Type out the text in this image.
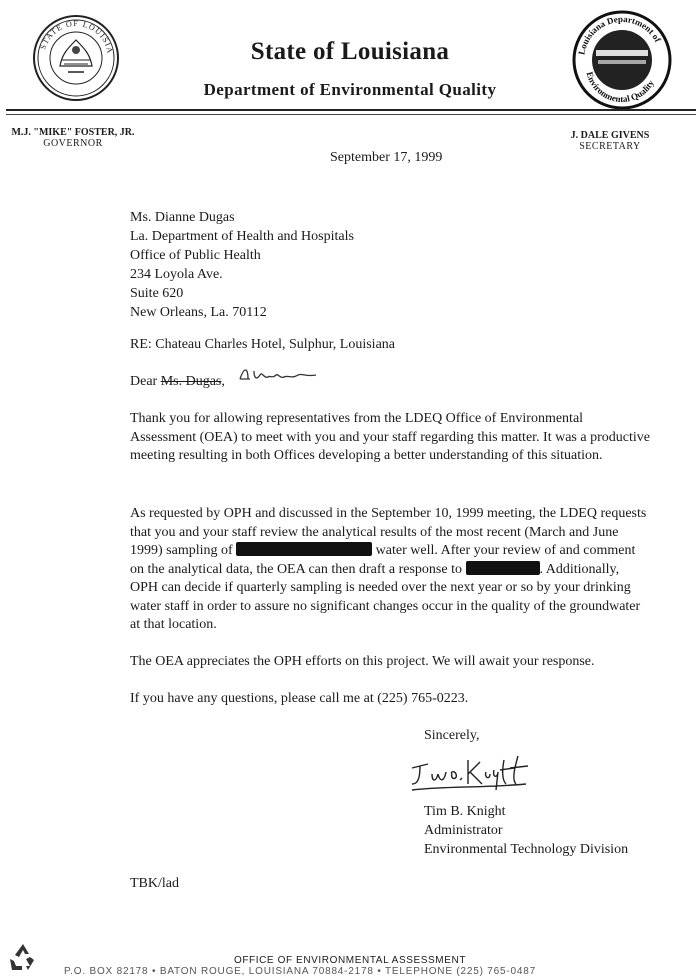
STATE OF LOUISIA	Louisiana Department of
Environmental Quality
State of Louisiana
Department of Environmental Quality
M.J. "MIKE" FOSTER, JR.
GOVERNOR
J. DALE GIVENS
SECRETARY
September 17, 1999
Ms. Dianne Dugas
La. Department of Health and Hospitals
Office of Public Health
234 Loyola Ave.
Suite 620
New Orleans, La. 70112
RE: Chateau Charles Hotel, Sulphur, Louisiana
Dear Ms. Dugas,
Thank you for allowing representatives from the LDEQ Office of Environmental Assessment (OEA) to meet with you and your staff regarding this matter. It was a productive meeting resulting in both Offices developing a better understanding of this situation.
As requested by OPH and discussed in the September 10, 1999 meeting, the LDEQ requests that you and your staff review the analytical results of the most recent (March and June 1999) sampling of	water well. After your review of and comment on the analytical data, the OEA can then draft a response to	. Additionally, OPH can decide if quarterly sampling is needed over the next year or so by your drinking water staff in order to assure no significant changes occur in the quality of the groundwater at that location.
The OEA appreciates the OPH efforts on this project. We will await your response.
If you have any questions, please call me at (225) 765-0223.
Sincerely,
Tim B. Knight
Administrator
Environmental Technology Division
TBK/lad
OFFICE OF ENVIRONMENTAL ASSESSMENT
P.O. BOX 82178 • BATON ROUGE, LOUISIANA 70884-2178 • TELEPHONE (225) 765-0487
